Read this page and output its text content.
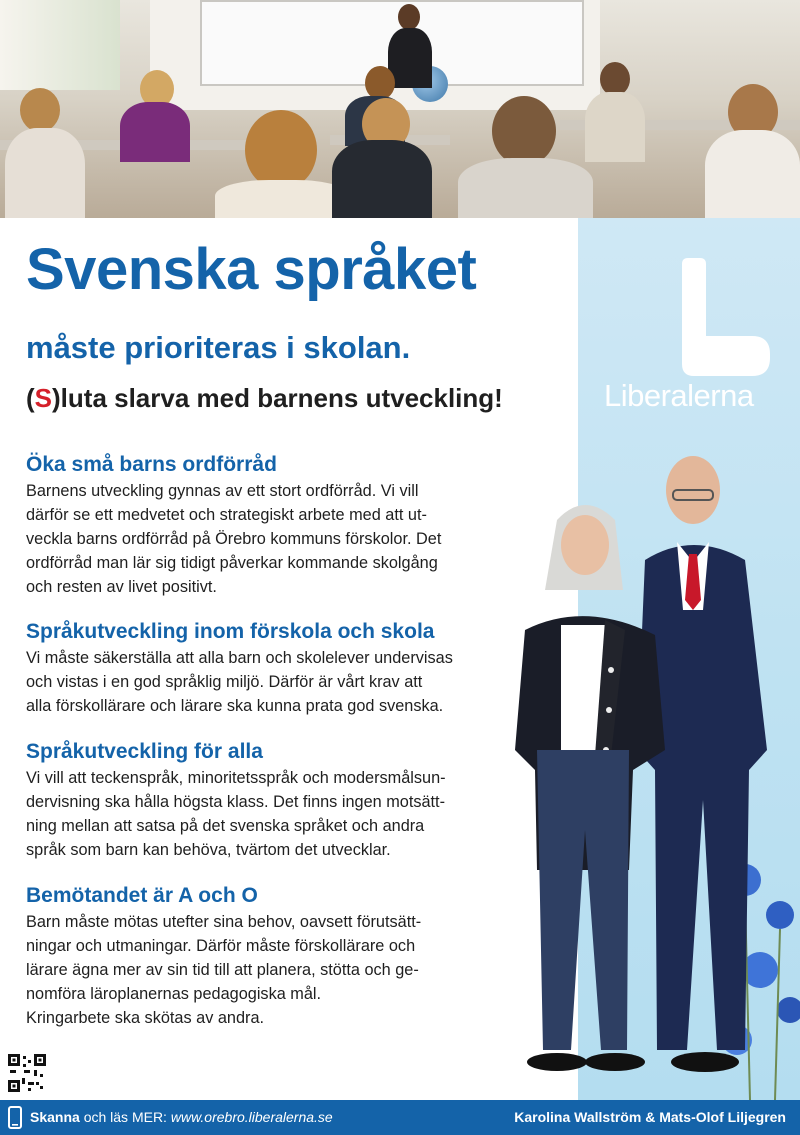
Liberalerna
Svenska språket
måste prioriteras i skolan.
(S)luta slarva med barnens utveckling!
Öka små barns ordförråd

Barnens utveckling gynnas av ett stort ordförråd. Vi vill
därför se ett medvetet och strategiskt arbete med att ut-
veckla barns ordförråd på Örebro kommuns förskolor. Det
ordförråd man lär sig tidigt påverkar kommande skolgång
och resten av livet positivt.

Språkutveckling inom förskola och skola

Vi måste säkerställa att alla barn och skolelever undervisas
och vistas i en god språklig miljö. Därför är vårt krav att
alla förskollärare och lärare ska kunna prata god svenska.

Språkutveckling för alla

Vi vill att teckenspråk, minoritetsspråk och modersmålsun-
dervisning ska hålla högsta klass. Det finns ingen motsätt-
ning mellan att satsa på det svenska språket och andra
språk som barn kan behöva, tvärtom det utvecklar.

Bemötandet är A och O

Barn måste mötas utefter sina behov, oavsett förutsätt-
ningar och utmaningar. Därför måste förskollärare och
lärare ägna mer av sin tid till att planera, stötta och ge-
nomföra läroplanernas pedagogiska mål.
Kringarbete ska skötas av andra.

Skanna och läs MER: www.orebro.liberalerna.se	Karolina Wallström & Mats-Olof Liljegren
